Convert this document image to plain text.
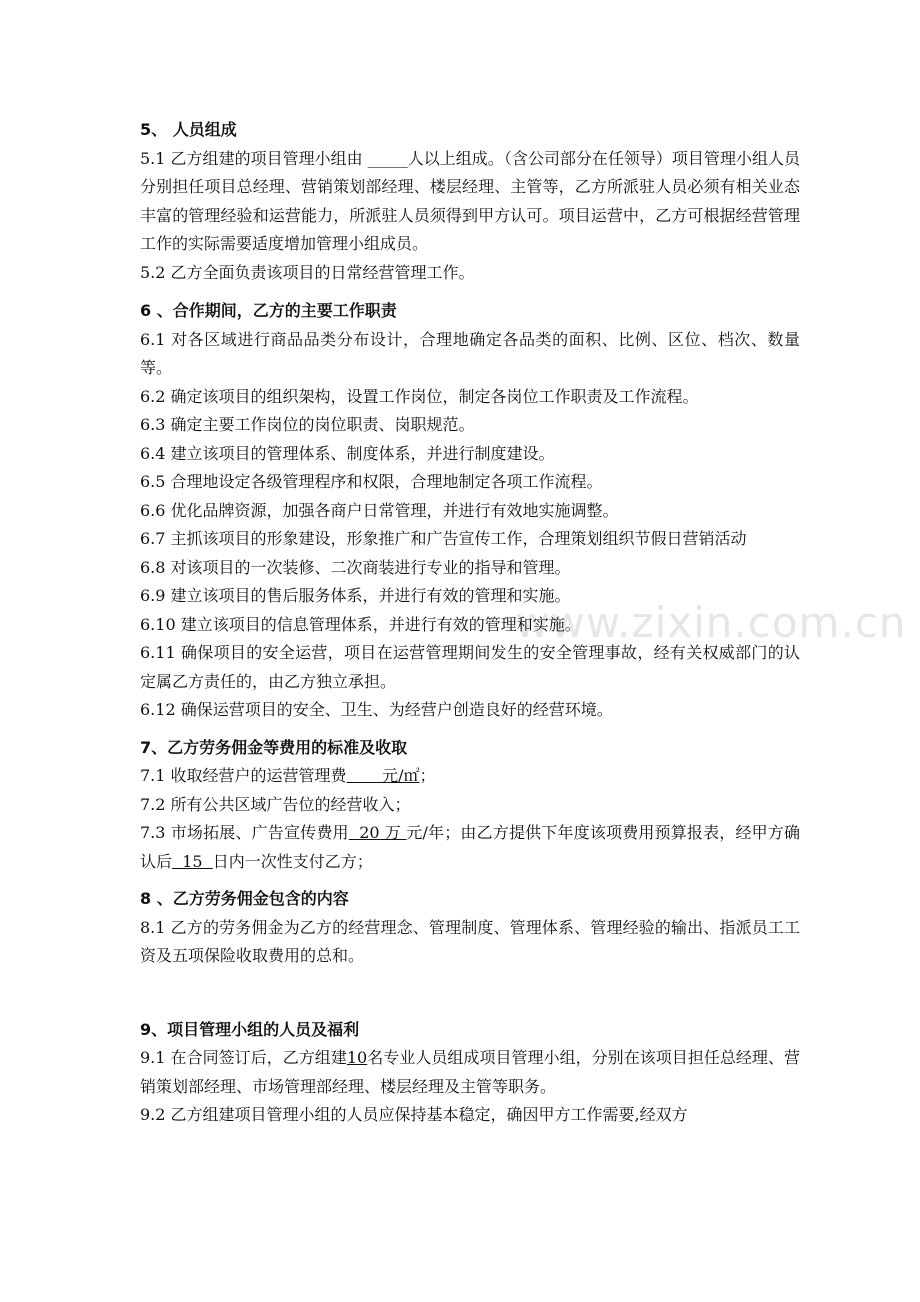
www.zixin.com.cn
5、 人员组成

5.1 乙方组建的项目管理小组由 _____人以上组成。（含公司部分在任领导）项目管理小组人员分别担任项目总经理、营销策划部经理、楼层经理、主管等，乙方所派驻人员必须有相关业态丰富的管理经验和运营能力，所派驻人员须得到甲方认可。项目运营中，乙方可根据经营管理工作的实际需要适度增加管理小组成员。

5.2 乙方全面负责该项目的日常经营管理工作。

6 、合作期间，乙方的主要工作职责

6.1 对各区域进行商品品类分布设计，合理地确定各品类的面积、比例、区位、档次、数量等。

6.2 确定该项目的组织架构，设置工作岗位，制定各岗位工作职责及工作流程。

6.3 确定主要工作岗位的岗位职责、岗职规范。

6.4 建立该项目的管理体系、制度体系，并进行制度建设。

6.5 合理地设定各级管理程序和权限，合理地制定各项工作流程。

6.6 优化品牌资源，加强各商户日常管理，并进行有效地实施调整。

6.7 主抓该项目的形象建设，形象推广和广告宣传工作，合理策划组织节假日营销活动

6.8 对该项目的一次装修、二次商装进行专业的指导和管理。

6.9 建立该项目的售后服务体系，并进行有效的管理和实施。

6.10 建立该项目的信息管理体系，并进行有效的管理和实施。

6.11 确保项目的安全运营，项目在运营管理期间发生的安全管理事故，经有关权威部门的认定属乙方责任的，由乙方独立承担。

6.12 确保运营项目的安全、卫生、为经营户创造良好的经营环境。

7、乙方劳务佣金等费用的标准及收取

7.1 收取经营户的运营管理费       元/㎡；

7.2 所有公共区域广告位的经营收入；

7.3 市场拓展、广告宣传费用  20 万 元/年；由乙方提供下年度该项费用预算报表，经甲方确认后  15  日内一次性支付乙方；

8 、乙方劳务佣金包含的内容

8.1 乙方的劳务佣金为乙方的经营理念、管理制度、管理体系、管理经验的输出、指派员工工资及五项保险收取费用的总和。

9、项目管理小组的人员及福利

9.1 在合同签订后，乙方组建10名专业人员组成项目管理小组，分别在该项目担任总经理、营销策划部经理、市场管理部经理、楼层经理及主管等职务。

9.2 乙方组建项目管理小组的人员应保持基本稳定，确因甲方工作需要,经双方
